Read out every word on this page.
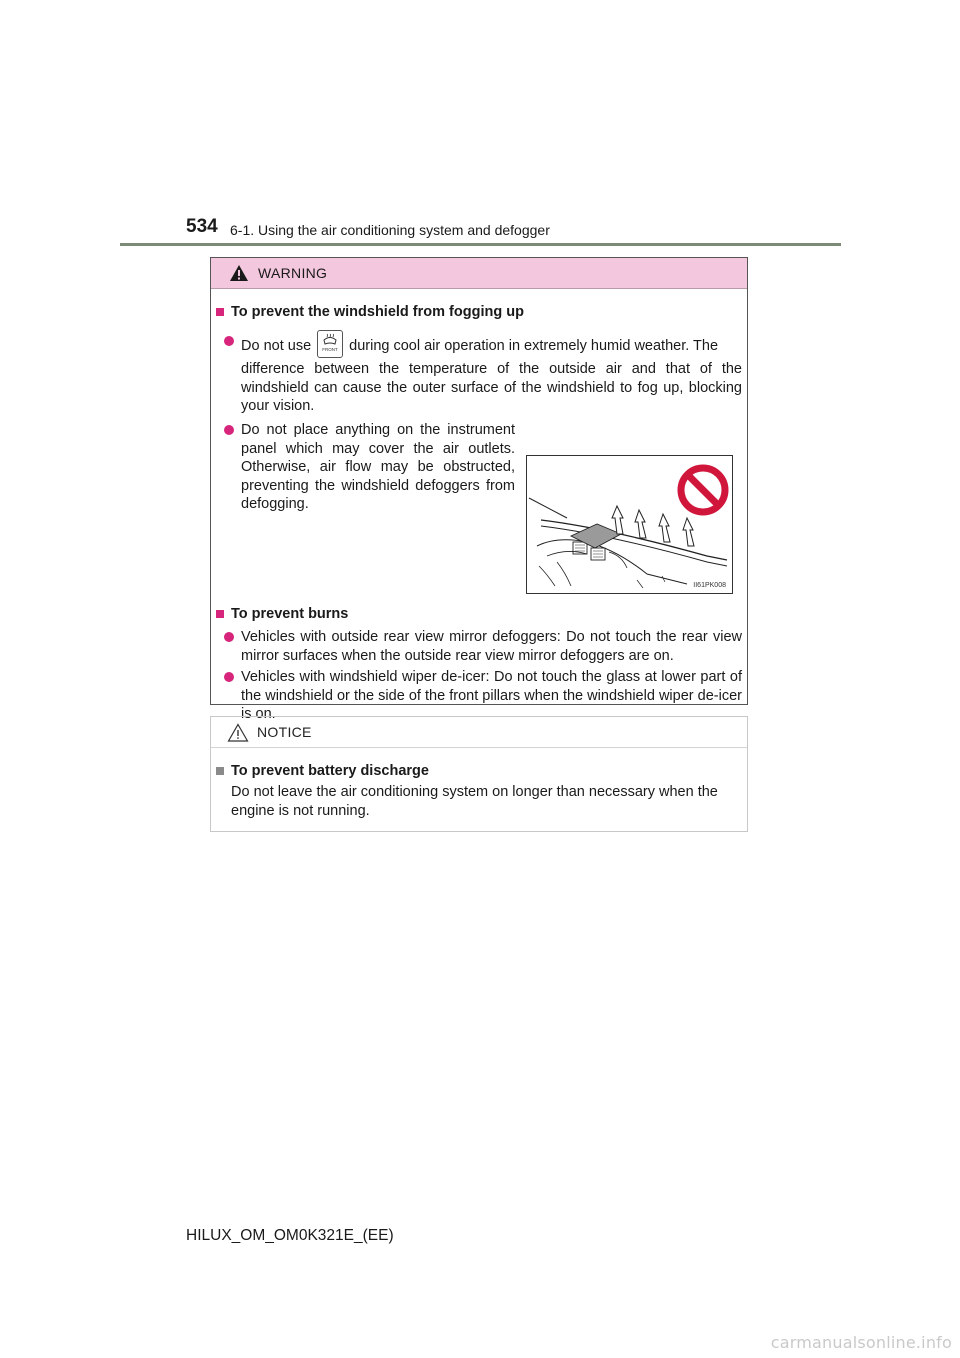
534 6-1. Using the air conditioning system and defogger
WARNING
To prevent the windshield from fogging up
Do not use	FRONT during cool air operation in extremely humid weather. The
difference between the temperature of the outside air and that of the windshield can cause the outer surface of the windshield to fog up, blocking your vision.
Do not place anything on the instrument panel which may cover the air outlets. Otherwise, air flow may be obstructed, preventing the windshield defoggers from defogging.
II61PK008
To prevent burns
Vehicles with outside rear view mirror defoggers: Do not touch the rear view mirror surfaces when the outside rear view mirror defoggers are on.
Vehicles with windshield wiper de-icer: Do not touch the glass at lower part of the windshield or the side of the front pillars when the windshield wiper de-icer is on.
NOTICE
To prevent battery discharge
Do not leave the air conditioning system on longer than necessary when the engine is not running.
HILUX_OM_OM0K321E_(EE)
carmanualsonline.info
